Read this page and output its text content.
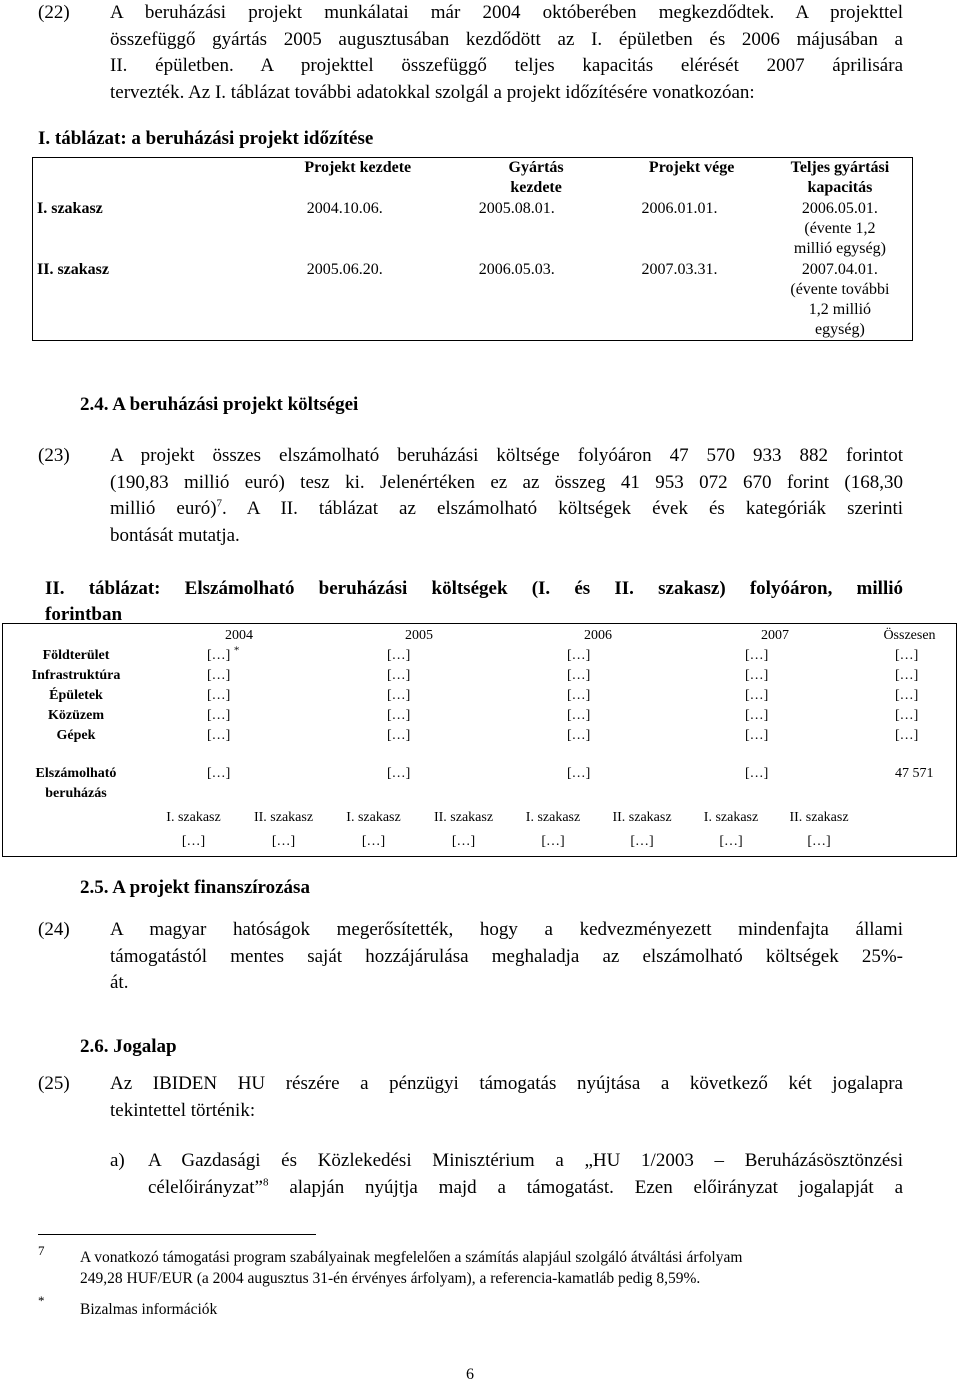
(22) A beruházási projekt munkálatai már 2004 októberében megkezdődtek. A projekttel
összefüggő gyártás 2005 augusztusában kezdődött az I. épületben és 2006 májusában a
II. épületben. A projekttel összefüggő teljes kapacitás elérését 2007 áprilisára
tervezték. Az I. táblázat további adatokkal szolgál a projekt időzítésére vonatkozóan:
I. táblázat: a beruházási projekt időzítése
	Projekt kezdete	Gyártás kezdete	Projekt vége	Teljes gyártási kapacitás

I. szakasz	2004.10.06.	2005.08.01.	2006.01.01.	2006.05.01.
(évente 1,2
millió egység)

II. szakasz	2005.06.20.	2006.05.03.	2007.03.31.	2007.04.01.
(évente további
1,2 millió
egység)
2.4. A beruházási projekt költségei
(23) A projekt összes elszámolható beruházási költsége folyóáron 47 570 933 882 forintot
(190,83 millió euró) tesz ki. Jelenértéken ez az összeg 41 953 072 670 forint (168,30
millió euró)$^7$. A II. táblázat az elszámolható költségek évek és kategóriák szerinti
bontását mutatja.
II. táblázat: Elszámolható beruházási költségek (I. és II. szakasz) folyóáron, millió
forintban
	2004		2005		2006		2007		Összesen
Földterület	[…] *		[…]		[…]		[…]		[…]
Infrastruktúra	[…]		[…]		[…]		[…]		[…]
Épületek	[…]		[…]		[…]		[…]		[…]
Közüzem	[…]		[…]		[…]		[…]		[…]
Gépek	[…]		[…]		[…]		[…]		[…]

Elszámolható
beruházás	[…]		[…]		[…]		[…]		47 571
	I. szakasz	II. szakasz	I. szakasz	II. szakasz	I. szakasz	II. szakasz	I. szakasz	II. szakasz	
	[…]	[…]	[…]	[…]	[…]	[…]	[…]	[…]	
2.5. A projekt finanszírozása
(24) A magyar hatóságok megerősítették, hogy a kedvezményezett mindenfajta állami
támogatástól mentes saját hozzájárulása meghaladja az elszámolható költségek 25%-
át.
2.6. Jogalap
(25) Az IBIDEN HU részére a pénzügyi támogatás nyújtása a következő két jogalapra
tekintettel történik:
a) A Gazdasági és Közlekedési Minisztérium a „HU 1/2003 – Beruházásösztönzési
célelőirányzat”$^8$ alapján nyújtja majd a támogatást. Ezen előirányzat jogalapját a
7 A vonatkozó támogatási program szabályainak megfelelően a számítás alapjául szolgáló átváltási árfolyam
249,28 HUF/EUR (a 2004 augusztus 31-én érvényes árfolyam), a referencia-kamatláb pedig 8,59%.
*
Bizalmas információk
6
